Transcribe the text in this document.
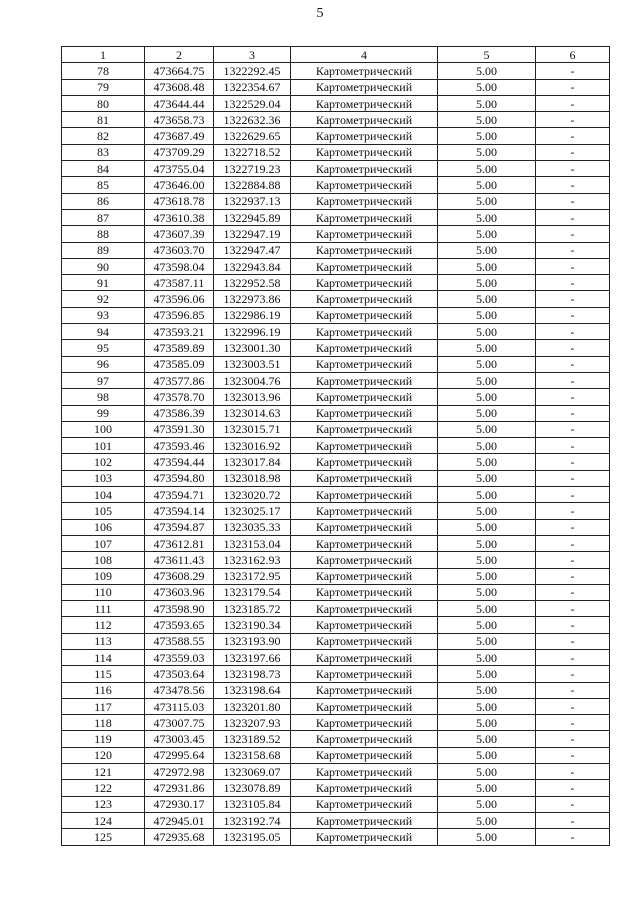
5
1	2	3	4	5	6
78	473664.75	1322292.45	Картометрический	5.00	-
79	473608.48	1322354.67	Картометрический	5.00	-
80	473644.44	1322529.04	Картометрический	5.00	-
81	473658.73	1322632.36	Картометрический	5.00	-
82	473687.49	1322629.65	Картометрический	5.00	-
83	473709.29	1322718.52	Картометрический	5.00	-
84	473755.04	1322719.23	Картометрический	5.00	-
85	473646.00	1322884.88	Картометрический	5.00	-
86	473618.78	1322937.13	Картометрический	5.00	-
87	473610.38	1322945.89	Картометрический	5.00	-
88	473607.39	1322947.19	Картометрический	5.00	-
89	473603.70	1322947.47	Картометрический	5.00	-
90	473598.04	1322943.84	Картометрический	5.00	-
91	473587.11	1322952.58	Картометрический	5.00	-
92	473596.06	1322973.86	Картометрический	5.00	-
93	473596.85	1322986.19	Картометрический	5.00	-
94	473593.21	1322996.19	Картометрический	5.00	-
95	473589.89	1323001.30	Картометрический	5.00	-
96	473585.09	1323003.51	Картометрический	5.00	-
97	473577.86	1323004.76	Картометрический	5.00	-
98	473578.70	1323013.96	Картометрический	5.00	-
99	473586.39	1323014.63	Картометрический	5.00	-
100	473591.30	1323015.71	Картометрический	5.00	-
101	473593.46	1323016.92	Картометрический	5.00	-
102	473594.44	1323017.84	Картометрический	5.00	-
103	473594.80	1323018.98	Картометрический	5.00	-
104	473594.71	1323020.72	Картометрический	5.00	-
105	473594.14	1323025.17	Картометрический	5.00	-
106	473594.87	1323035.33	Картометрический	5.00	-
107	473612.81	1323153.04	Картометрический	5.00	-
108	473611.43	1323162.93	Картометрический	5.00	-
109	473608.29	1323172.95	Картометрический	5.00	-
110	473603.96	1323179.54	Картометрический	5.00	-
111	473598.90	1323185.72	Картометрический	5.00	-
112	473593.65	1323190.34	Картометрический	5.00	-
113	473588.55	1323193.90	Картометрический	5.00	-
114	473559.03	1323197.66	Картометрический	5.00	-
115	473503.64	1323198.73	Картометрический	5.00	-
116	473478.56	1323198.64	Картометрический	5.00	-
117	473115.03	1323201.80	Картометрический	5.00	-
118	473007.75	1323207.93	Картометрический	5.00	-
119	473003.45	1323189.52	Картометрический	5.00	-
120	472995.64	1323158.68	Картометрический	5.00	-
121	472972.98	1323069.07	Картометрический	5.00	-
122	472931.86	1323078.89	Картометрический	5.00	-
123	472930.17	1323105.84	Картометрический	5.00	-
124	472945.01	1323192.74	Картометрический	5.00	-
125	472935.68	1323195.05	Картометрический	5.00	-
